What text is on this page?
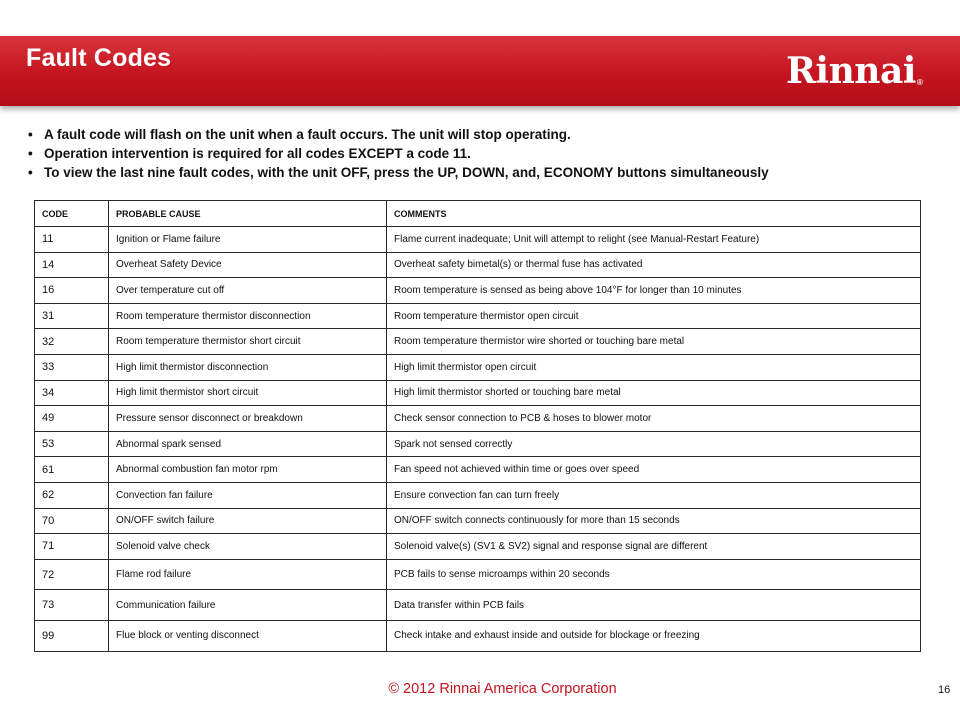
Fault Codes	Rinnai®
• A fault code will flash on the unit when a fault occurs. The unit will stop operating.
• Operation intervention is required for all codes EXCEPT a code 11.
• To view the last nine fault codes, with the unit OFF, press the UP, DOWN, and, ECONOMY buttons simultaneously
CODE	PROBABLE CAUSE	COMMENTS
11	Ignition or Flame failure	Flame current inadequate; Unit will attempt to relight (see Manual-Restart Feature)
14	Overheat Safety Device	Overheat safety bimetal(s) or thermal fuse has activated
16	Over temperature cut off	Room temperature is sensed as being above 104°F for longer than 10 minutes
31	Room temperature thermistor disconnection	Room temperature thermistor open circuit
32	Room temperature thermistor short circuit	Room temperature thermistor wire shorted or touching bare metal
33	High limit thermistor disconnection	High limit thermistor open circuit
34	High limit thermistor short circuit	High limit thermistor shorted or touching bare metal
49	Pressure sensor disconnect or breakdown	Check sensor connection to PCB & hoses to blower motor
53	Abnormal spark sensed	Spark not sensed correctly
61	Abnormal combustion fan motor rpm	Fan speed not achieved within time or goes over speed
62	Convection fan failure	Ensure convection fan can turn freely
70	ON/OFF switch failure	ON/OFF switch connects continuously for more than 15 seconds
71	Solenoid valve check	Solenoid valve(s) (SV1 & SV2) signal and response signal are different
72	Flame rod failure	PCB fails to sense microamps within 20 seconds
73	Communication failure	Data transfer within PCB fails
99	Flue block or venting disconnect	Check intake and exhaust inside and outside for blockage or freezing
© 2012 Rinnai America Corporation	16
